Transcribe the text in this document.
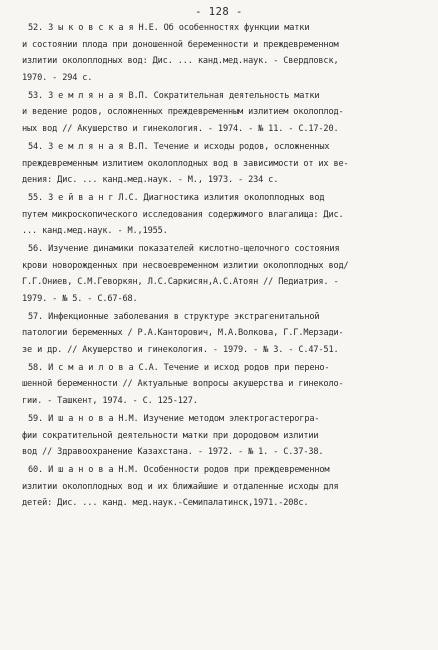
- 128 -
52. З ы к о в с к а я Н.Е. Об особенностях функции матки
и состоянии плода при доношенной беременности и преждевременном
излитии околоплодных вод: Дис. ... канд.мед.наук. - Свердловск,
1970. - 294 с.
53. З е м л я н а я В.П. Сократительная деятельность матки
и ведение родов, осложненных преждевременным излитием околоплод-
ных вод // Акушерство и гинекология. - 1974. - № 11. - С.17-20.
54. З е м л я н а я В.П. Течение и исходы родов, осложненных
преждевременным излитием околоплодных вод в зависимости от их ве-
дения: Дис. ... канд.мед.наук. - М., 1973. - 234 с.
55. З е й в а н г Л.С. Диагностика излития околоплодных вод
путем микроскопического исследования содержимого влагалища: Дис.
... канд.мед.наук. - М.,1955.
56. Изучение динамики показателей кислотно-щелочного состояния
крови новорожденных при несвоевременном излитии околоплодных вод/
Г.Г.Ониев, С.М.Геворкян, Л.С.Саркисян,А.С.Атоян // Педиатрия. -
1979. - № 5. - С.67-68.
57. Инфекционные заболевания в структуре экстрагенитальной
патологии беременных / Р.А.Канторович, М.А.Волкова, Г.Г.Мерзади-
зе и др. // Акушерство и гинекология. - 1979. - № 3. - С.47-51.
58. И с м а и л о в а С.А. Течение и исход родов при перено-
шенной беременности // Актуальные вопросы акушерства и гинеколо-
гии. - Ташкент, 1974. - С. 125-127.
59. И ш а н о в а Н.М. Изучение методом электрогастерогра-
фии сократительной деятельности матки при дородовом излитии
вод // Здравоохранение Казахстана. - 1972. - № 1. - С.37-38.
60. И ш а н о в а Н.М. Особенности родов при преждевременном
излитии околоплодных вод и их ближайшие и отдаленные исходы для
детей: Дис. ... канд. мед.наук.-Семипалатинск,1971.-208с.
